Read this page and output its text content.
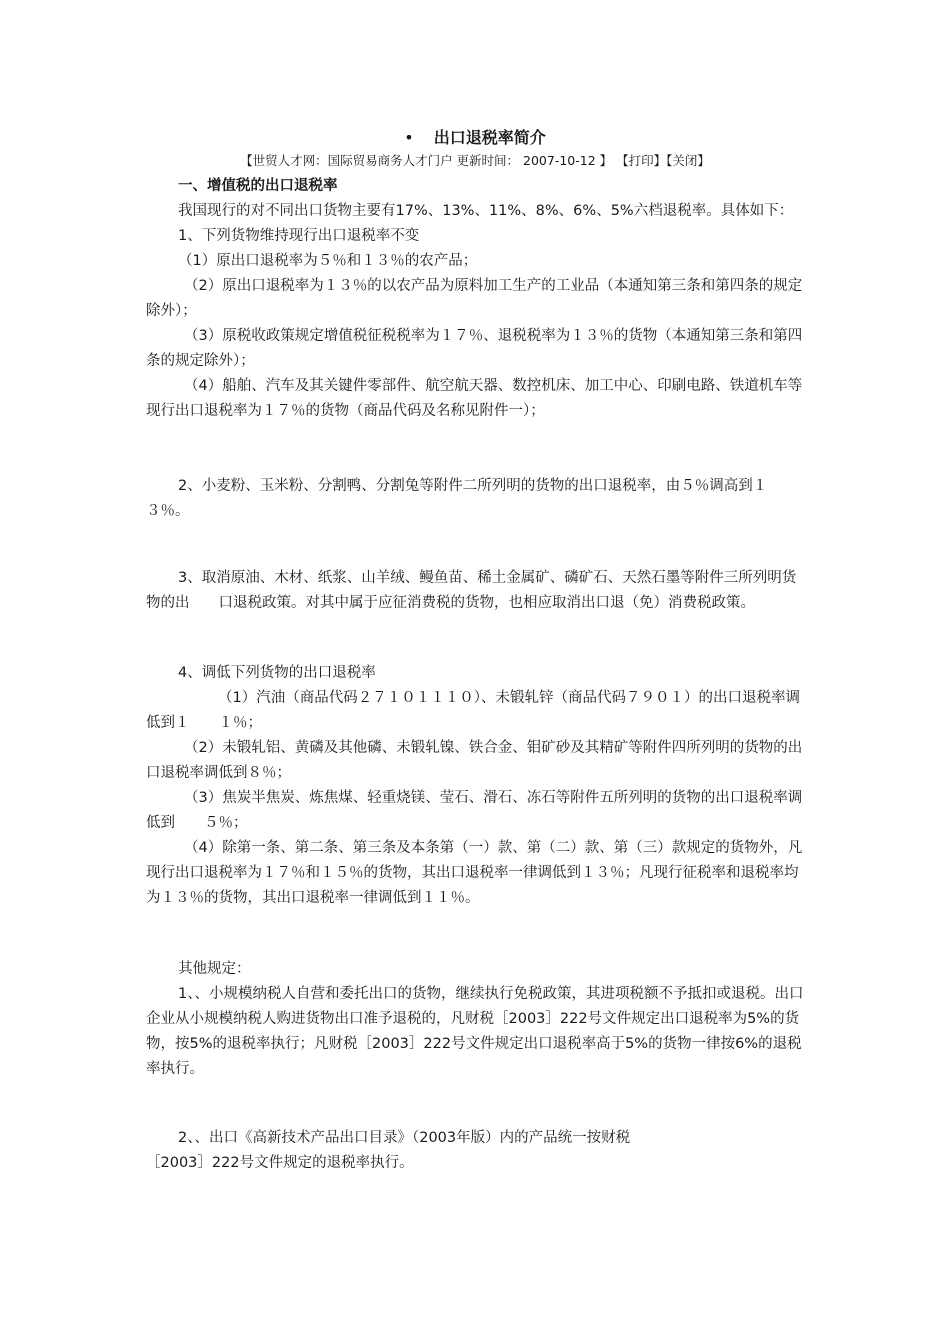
• 出口退税率简介
【世贸人才网：国际贸易商务人才门户 更新时间： 2007-10-12 】 【打印】【关闭】

一、增值税的出口退税率

我国现行的对不同出口货物主要有17%、13%、11%、8%、6%、5%六档退税率。具体如下：

1、下列货物维持现行出口退税率不变

（1）原出口退税率为５％和１３％的农产品；

（2）原出口退税率为１３％的以农产品为原料加工生产的工业品（本通知第三条和第四条的规定除外）；

（3）原税收政策规定增值税征税税率为１７％、退税税率为１３％的货物（本通知第三条和第四条的规定除外）；

（4）船舶、汽车及其关键件零部件、航空航天器、数控机床、加工中心、印刷电路、铁道机车等现行出口退税率为１７％的货物（商品代码及名称见附件一）；

2、小麦粉、玉米粉、分割鸭、分割兔等附件二所列明的货物的出口退税率，由５％调高到１３％。

3、取消原油、木材、纸浆、山羊绒、鳗鱼苗、稀土金属矿、磷矿石、天然石墨等附件三所列明货物的出　　口退税政策。对其中属于应征消费税的货物，也相应取消出口退（免）消费税政策。

4、调低下列货物的出口退税率

（1）汽油（商品代码２７１０１１１０）、未锻轧锌（商品代码７９０１）的出口退税率调低到１　　１％；

（2）未锻轧铝、黄磷及其他磷、未锻轧镍、铁合金、钼矿砂及其精矿等附件四所列明的货物的出口退税率调低到８％；

（3）焦炭半焦炭、炼焦煤、轻重烧镁、莹石、滑石、冻石等附件五所列明的货物的出口退税率调低到　　５％；

（4）除第一条、第二条、第三条及本条第（一）款、第（二）款、第（三）款规定的货物外，凡现行出口退税率为１７％和１５％的货物，其出口退税率一律调低到１３％；凡现行征税率和退税率均为１３％的货物，其出口退税率一律调低到１１％。

其他规定：

1、、小规模纳税人自营和委托出口的货物，继续执行免税政策，其进项税额不予抵扣或退税。出口企业从小规模纳税人购进货物出口准予退税的，凡财税［2003］222号文件规定出口退税率为5%的货物，按5%的退税率执行；凡财税［2003］222号文件规定出口退税率高于5%的货物一律按6%的退税率执行。

2、、出口《高新技术产品出口目录》（2003年版）内的产品统一按财税

［2003］222号文件规定的退税率执行。
